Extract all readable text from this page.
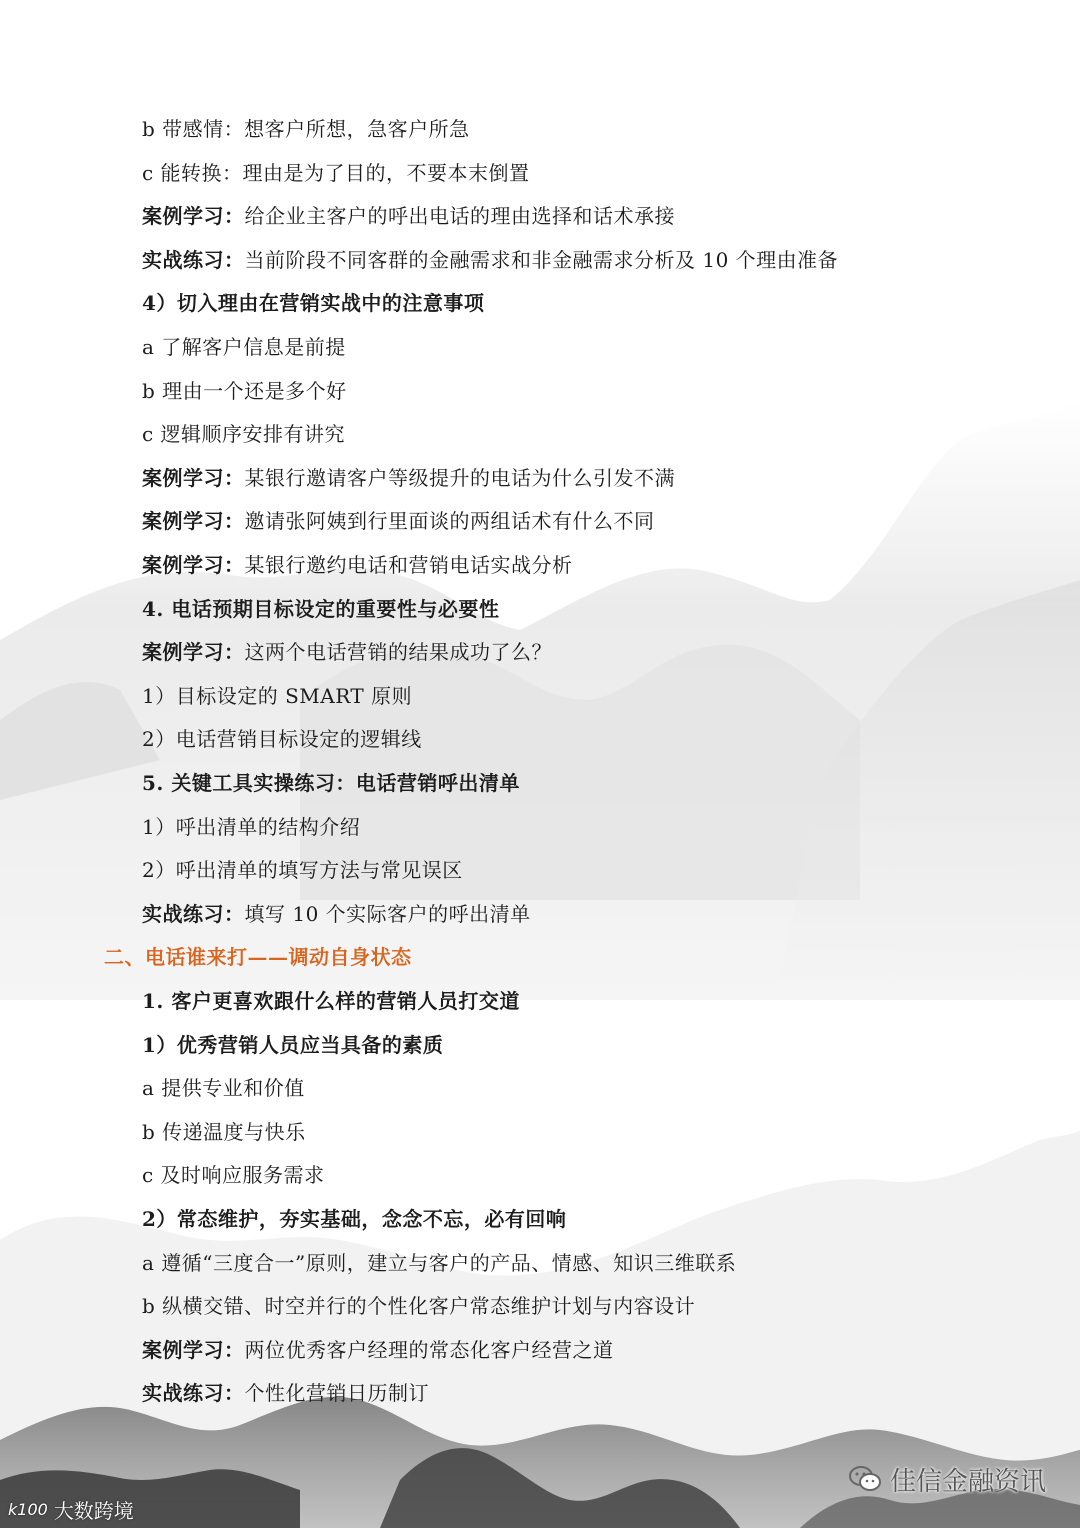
b 带感情：想客户所想，急客户所急
c 能转换：理由是为了目的，不要本末倒置
案例学习：给企业主客户的呼出电话的理由选择和话术承接
实战练习：当前阶段不同客群的金融需求和非金融需求分析及 10 个理由准备
4）切入理由在营销实战中的注意事项
a 了解客户信息是前提
b 理由一个还是多个好
c 逻辑顺序安排有讲究
案例学习：某银行邀请客户等级提升的电话为什么引发不满
案例学习：邀请张阿姨到行里面谈的两组话术有什么不同
案例学习：某银行邀约电话和营销电话实战分析
4. 电话预期目标设定的重要性与必要性
案例学习：这两个电话营销的结果成功了么？
1）目标设定的 SMART 原则
2）电话营销目标设定的逻辑线
5. 关键工具实操练习：电话营销呼出清单
1）呼出清单的结构介绍
2）呼出清单的填写方法与常见误区
实战练习：填写 10 个实际客户的呼出清单
二、电话谁来打——调动自身状态
1. 客户更喜欢跟什么样的营销人员打交道
1）优秀营销人员应当具备的素质
a 提供专业和价值
b 传递温度与快乐
c 及时响应服务需求
2）常态维护，夯实基础，念念不忘，必有回响
a 遵循“三度合一”原则，建立与客户的产品、情感、知识三维联系
b 纵横交错、时空并行的个性化客户常态维护计划与内容设计
案例学习：两位优秀客户经理的常态化客户经营之道
实战练习：个性化营销日历制订
k100 大数跨境
佳信金融资讯
